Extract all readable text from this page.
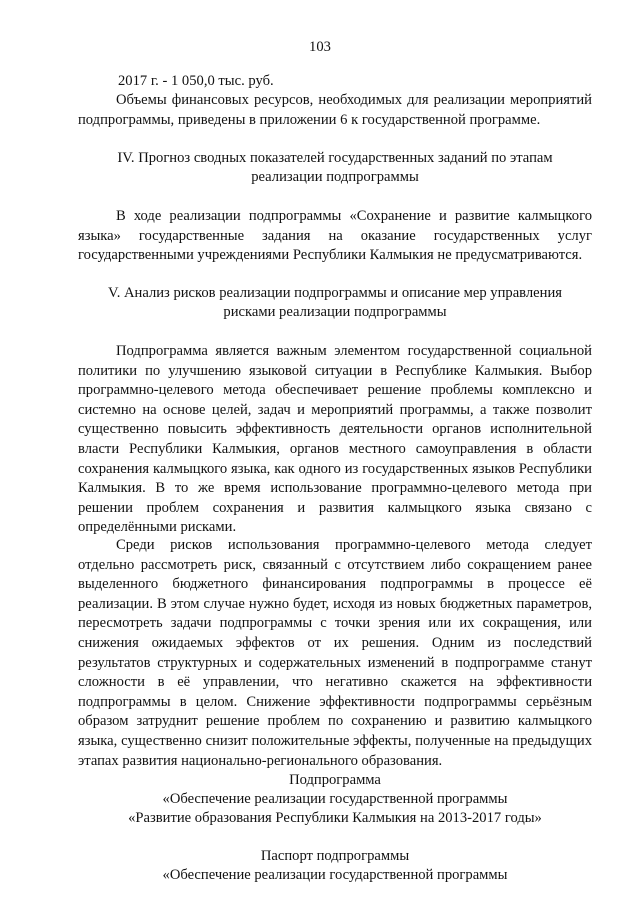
103

2017 г. - 1 050,0 тыс. руб.

Объемы финансовых ресурсов, необходимых для реализации мероприятий подпрограммы, приведены в приложении 6 к государственной программе.

IV. Прогноз сводных показателей государственных заданий по этапам

реализации подпрограммы

В ходе реализации подпрограммы «Сохранение и развитие калмыцкого языка» государственные задания на оказание государственных услуг государственными учреждениями Республики Калмыкия не предусматриваются.

V. Анализ рисков реализации подпрограммы и описание мер управления

рисками реализации подпрограммы

Подпрограмма является важным элементом государственной социальной политики по улучшению языковой ситуации в Республике Калмыкия. Выбор программно-целевого метода обеспечивает решение проблемы комплексно и системно на основе целей, задач и мероприятий программы, а также позволит существенно повысить эффективность деятельности органов исполнительной власти Республики Калмыкия, органов местного самоуправления в области сохранения калмыцкого языка, как одного из государственных языков Республики Калмыкия. В то же время использование программно-целевого метода при решении проблем сохранения и развития калмыцкого языка связано с определёнными рисками.

Среди рисков использования программно-целевого метода следует отдельно рассмотреть риск, связанный с отсутствием либо сокращением ранее выделенного бюджетного финансирования подпрограммы в процессе её реализации. В этом случае нужно будет, исходя из новых бюджетных параметров, пересмотреть задачи подпрограммы с точки зрения или их сокращения, или снижения ожидаемых эффектов от их решения. Одним из последствий результатов структурных и содержательных изменений в подпрограмме станут сложности в её управлении, что негативно скажется на эффективности подпрограммы в целом. Снижение эффективности подпрограммы серьёзным образом затруднит решение проблем по сохранению и развитию калмыцкого языка, существенно снизит положительные эффекты, полученные на предыдущих этапах развития национально-регионального образования.

Подпрограмма

«Обеспечение реализации государственной программы

«Развитие образования Республики Калмыкия на 2013-2017 годы»

Паспорт подпрограммы

«Обеспечение реализации государственной программы
